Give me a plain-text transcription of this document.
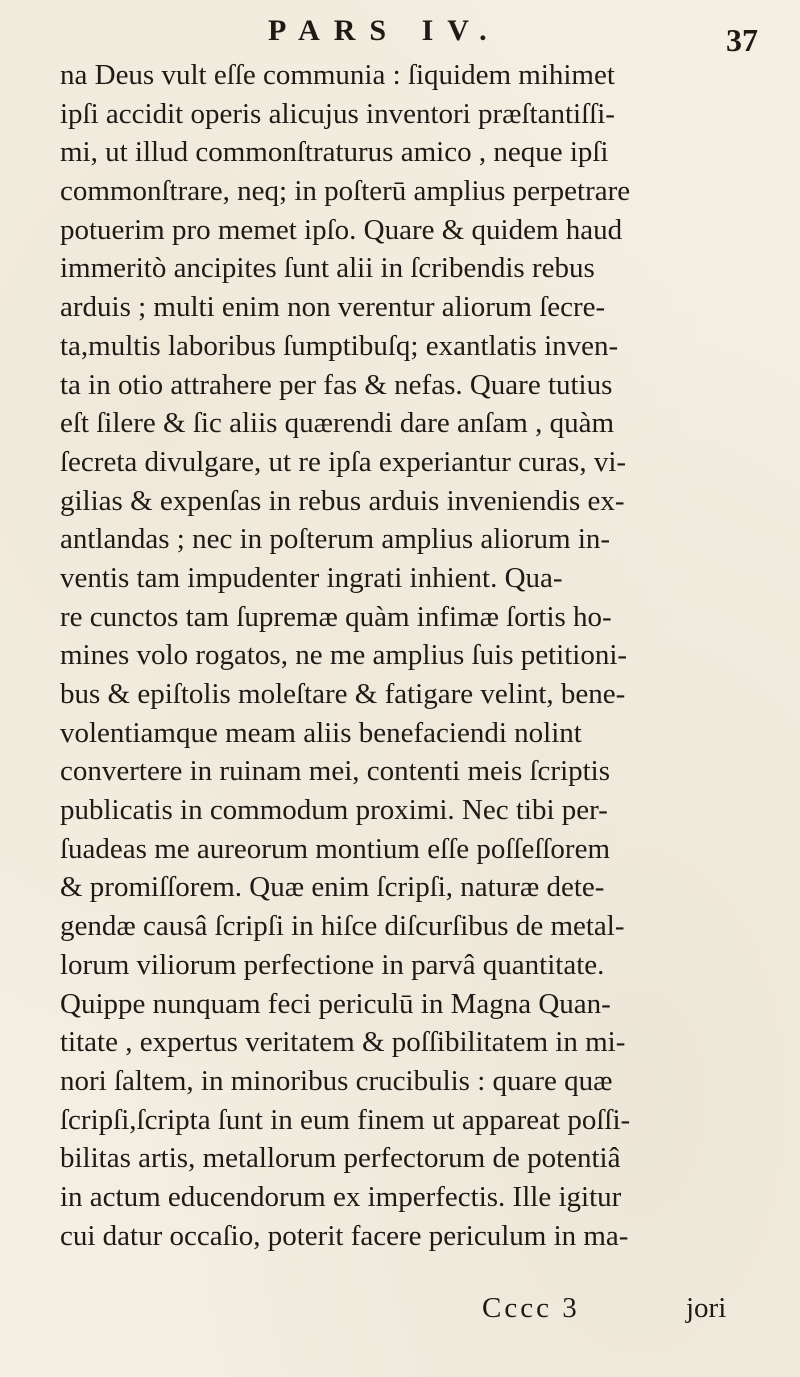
PARS IV.	37
na Deus vult eſſe communia : ſiquidem mihimet
ipſi accidit operis alicujus inventori præſtantiſſi-
mi, ut illud commonſtraturus amico , neque ipſi
commonſtrare, neq; in poſterū amplius perpetrare
potuerim pro memet ipſo. Quare & quidem haud
immeritò ancipites ſunt alii in ſcribendis rebus
arduis ; multi enim non verentur aliorum ſecre-
ta,multis laboribus ſumptibuſq; exantlatis inven-
ta in otio attrahere per fas & nefas. Quare tutius
eſt ſilere & ſic aliis quærendi dare anſam , quàm
ſecreta divulgare, ut re ipſa experiantur curas, vi-
gilias & expenſas in rebus arduis inveniendis ex-
antlandas ; nec in poſterum amplius aliorum in-
ventis tam impudenter ingrati inhient. Qua-
re cunctos tam ſupremæ quàm infimæ ſortis ho-
mines volo rogatos, ne me amplius ſuis petitioni-
bus & epiſtolis moleſtare & fatigare velint, bene-
volentiamque meam aliis benefaciendi nolint
convertere in ruinam mei, contenti meis ſcriptis
publicatis in commodum proximi. Nec tibi per-
ſuadeas me aureorum montium eſſe poſſeſſorem
& promiſſorem. Quæ enim ſcripſi, naturæ dete-
gendæ causâ ſcripſi in hiſce diſcurſibus de metal-
lorum viliorum perfectione in parvâ quantitate.
Quippe nunquam feci periculū in Magna Quan-
titate , expertus veritatem & poſſibilitatem in mi-
nori ſaltem, in minoribus crucibulis : quare quæ
ſcripſi,ſcripta ſunt in eum finem ut appareat poſſi-
bilitas artis, metallorum perfectorum de potentiâ
in actum educendorum ex imperfectis. Ille igitur
cui datur occaſio, poterit facere periculum in ma-
Cccc 3	jori
